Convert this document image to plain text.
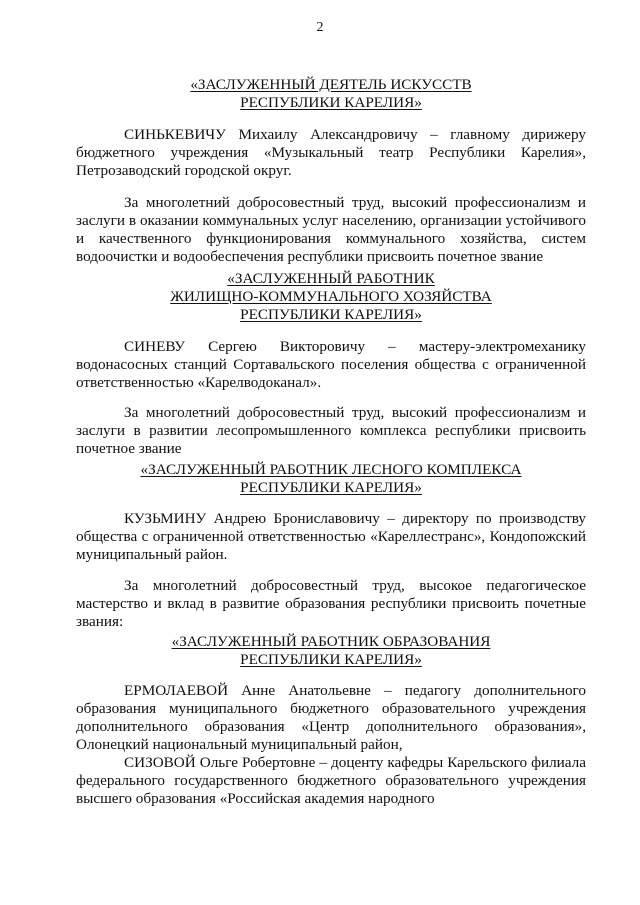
2
«ЗАСЛУЖЕННЫЙ ДЕЯТЕЛЬ ИСКУССТВ
РЕСПУБЛИКИ КАРЕЛИЯ»
СИНЬКЕВИЧУ Михаилу Александровичу – главному дирижеру бюджетного учреждения «Музыкальный театр Республики Карелия», Петрозаводский городской округ.
За многолетний добросовестный труд, высокий профессионализм и заслуги в оказании коммунальных услуг населению, организации устойчивого и качественного функционирования коммунального хозяйства, систем водоочистки и водообеспечения республики присвоить почетное звание
«ЗАСЛУЖЕННЫЙ РАБОТНИК
ЖИЛИЩНО-КОММУНАЛЬНОГО ХОЗЯЙСТВА
РЕСПУБЛИКИ КАРЕЛИЯ»
СИНЕВУ Сергею Викторовичу – мастеру-электромеханику водонасосных станций Сортавальского поселения общества с ограниченной ответственностью «Карелводоканал».
За многолетний добросовестный труд, высокий профессионализм и заслуги в развитии лесопромышленного комплекса республики присвоить почетное звание
«ЗАСЛУЖЕННЫЙ РАБОТНИК ЛЕСНОГО КОМПЛЕКСА
РЕСПУБЛИКИ КАРЕЛИЯ»
КУЗЬМИНУ Андрею Брониславовичу – директору по производству общества с ограниченной ответственностью «Кареллестранс», Кондопожский муниципальный район.
За многолетний добросовестный труд, высокое педагогическое мастерство и вклад в развитие образования республики присвоить почетные звания:
«ЗАСЛУЖЕННЫЙ РАБОТНИК ОБРАЗОВАНИЯ
РЕСПУБЛИКИ КАРЕЛИЯ»
ЕРМОЛАЕВОЙ Анне Анатольевне – педагогу дополнительного образования муниципального бюджетного образовательного учреждения дополнительного образования «Центр дополнительного образования», Олонецкий национальный муниципальный район,
СИЗОВОЙ Ольге Робертовне – доценту кафедры Карельского филиала федерального государственного бюджетного образовательного учреждения высшего образования «Российская академия народного
